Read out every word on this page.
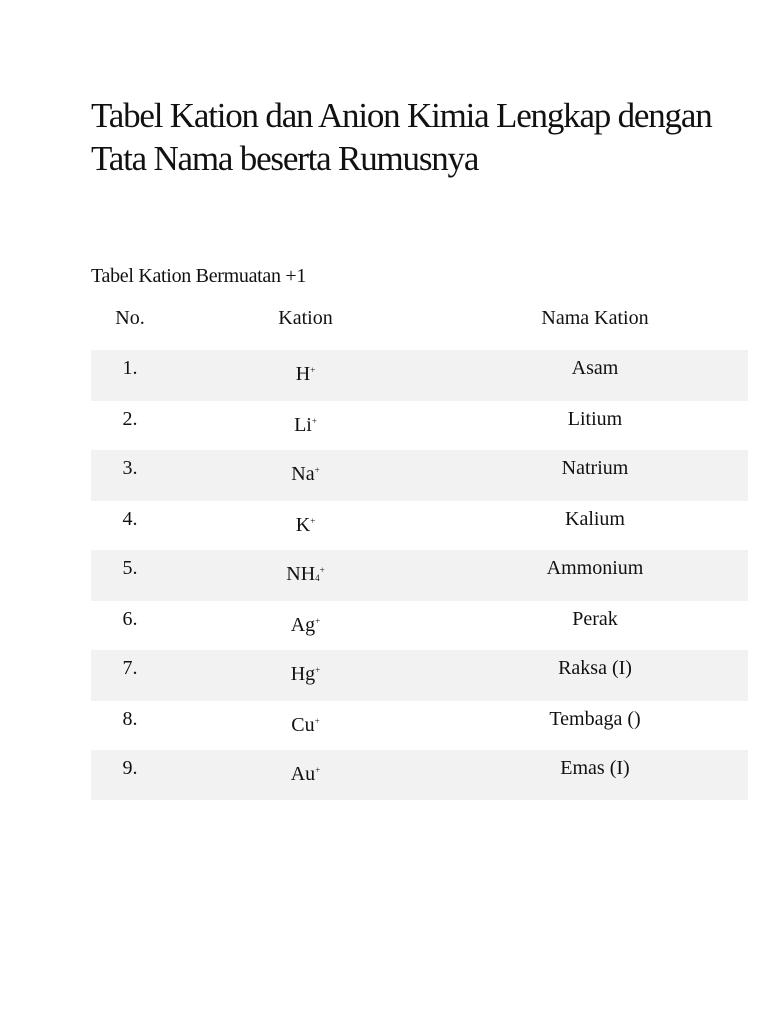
Tabel Kation dan Anion Kimia Lengkap dengan Tata Nama beserta Rumusnya
Tabel Kation Bermuatan +1
No.	Kation	Nama Kation
1.	H+	Asam
2.	Li+	Litium
3.	Na+	Natrium
4.	K+	Kalium
5.	NH4+	Ammonium
6.	Ag+	Perak
7.	Hg+	Raksa (I)
8.	Cu+	Tembaga ()
9.	Au+	Emas (I)
